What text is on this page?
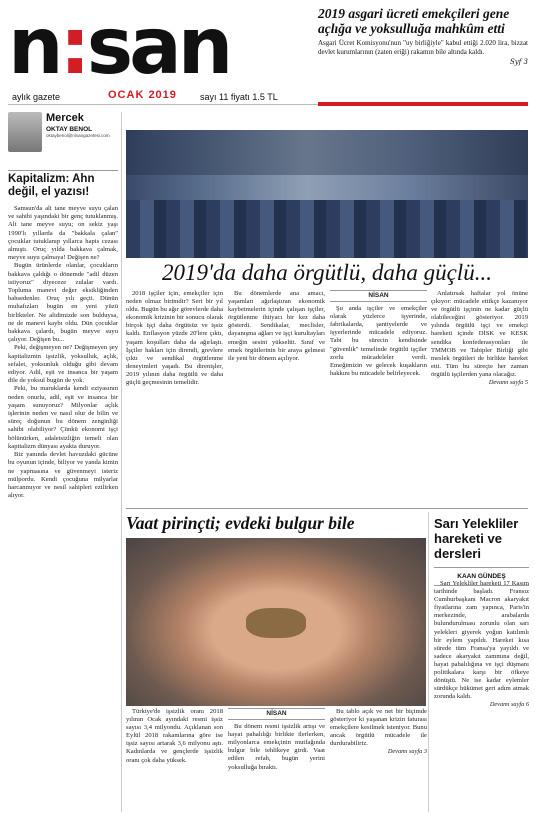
n:san
aylık gazete	OCAK 2019	sayı 11 fiyatı 1.5 TL
2019 asgari ücreti emekçileri gene açlığa ve yoksulluğa mahkûm etti

Asgari Ücret Komisyonu'nun "uy birliğiyle" kabul ettiği 2.020 lira, bizzat devlet kurumlarının (zaten eriği) rakamın bile altında kaldı.

Syf 3
Mercek
OKTAY BENOL
oktaybenol@nisangazetesi.com
Kapitalizm: Ahn değil, el yazısı!

Samsun'da alt tane meyve suyu çalan ve sahibi yaşındaki bir genç tutuklanmış. Alt tane meyve suyu; on sekiz yaşı 1990'lı yıllarda da "bakkala çalan" çocuklar tutuklanıp yıllarca hapis cezası almıştı. Oruç yılda bakkava çalmak, meyve suyu çalmaya! Değişen ne?

Bugün ürünlerde olanlar, çocukların bakkava çaldığı o dönemde "adil düzen istiyoruz" diyeceze zulalar vardı. Topluma manevi değer eksikliğinden bahsedenler. Oruç yılı geçti. Dünün muhafızları bugün en yeni yüzü birlikteler. Ne alidimizde son bulduysa, ne de manevi kaybı oldu. Dün çocuklar bakkava çalardı, bugün meyve suyu çalıyor. Değişen bu...

Peki, değişmeyen ne? Değişmeyen şey kapitalizmin işsizlik, yoksulluk, açlık, sefalet, yoksunluk olduğu gibi devam ediyor. Adil, eşit ve insanca bir yaşam dile de yoksul bugün de yok.

Peki, bu maruklarda kendi eziyasının neden onurlu, adil, eşit ve insanca bir yaşam sunuyoruz? Milyonlar açlık işlerinin neden ve nasıl olur de bilin ve süreç doğunun bu dönem zenginliği sahibi olabiliyor? Çünkü ekonomi işçi bölünürken, adaletsizliğin temeli olan kapitalizm dünyası ayakta duruyor.

Biz yanında devlet havuzdaki gücüne bu oyunun içinde, biliyor ve yanda kimin ne yapmasına ve güvenmeyi isteriz mülpordu. Kendi çocuğuna milyarlar harcanmıyor ve nesil sahipleri ezilirken alıyor.

2019'da daha örgütlü, daha güçlü...

2018 işçiler için, emekçiler için neden olmaz birimdir? Sert bir yıl oldu. Bugün bu ağır görevlerde daha ekonomik krizinin bir sonucu olarak birçok işçi daha örgütsüz ve işsiz kaldı. Enflasyon yüzde 20'lere çıktı, yaşam koşulları daha da ağırlaştı. İşçiler hakları için direndi, grevlere çıktı ve sendikal örgütlenme deneyimleri yaşadı. Bu direnişler, 2019 yılının daha örgütlü ve daha güçlü geçmesinin temelidir.

Bu dönemlerde ana amacı, yaşamları ağırlaştıran ekonomik kaybetmelerin içinde çalışan işçiler, örgütlenme ihtiyacı bir kez daha gösterdi. Sendikalar, meclisler, dayanışma ağları ve işçi kurultayları emeğin sesini yükseltti. Sınıf ve emek örgütlerinin bir araya gelmesi ile yeni bir dönem açılıyor.

NİSAN

Şu anda işçiler ve emekçiler olarak yüzlerce işyerinde, fabrikalarda, şantiyelerde ve işyerlerinde mücadele ediyoruz. Tabi bu sürecin kendisinde "güvenlik" temelinde örgütlü işçiler zorlu mücadeleler verdi. Emeğimizin ve gelecek kuşakların hakkını bu mücadele belirleyecek.

Anlatırsak haftalar yol önüne çıkıyor: mücadele ettikçe kazanıyor ve örgütlü işçinin ne kadar güçlü olabileceğini gösteriyor. 2019 yılında örgütlü işçi ve emekçi hareketi içinde DİSK ve KESK sendika konfederasyonları ile TMMOB ve Tabipler Birliği gibi meslek örgütleri de birlikte hareket etti. Tüm bu süreçte her zaman örgütlü işçilerden yana olacağız.

Devamı sayfa 5
Vaat pirinçti; evdeki bulgur bile

Türkiye'de işsizlik oranı 2018 yılının Ocak ayındaki resmi işsiz sayısı 3,4 milyondu. Açıklanan son Eylül 2018 rakamlarına göre ise işsiz sayısı artarak 3,6 milyonu aştı. Kadınlarda ve gençlerde işsizlik oranı çok daha yüksek.

NİSAN

Bu dönem resmi işsizlik artışı ve hayat pahalılığı birlikte ilerlerken, milyonlarca emekçinin mutfağında bulgur bile tehlikeye girdi. Vaat edilen refah, bugün yerini yoksulluğa bıraktı.

Bu tablo açık ve net bir biçimde gösteriyor ki yaşanan krizin faturası emekçilere kesilmek isteniyor. Bunu ancak örgütlü mücadele ile durdurabiliriz.

Devamı sayfa 3
Sarı Yelekliler hareketi ve dersleri
KAAN GÜNDEŞ

Sarı Yelekliler hareketi 17 Kasım tarihinde başladı. Fransız Cumhurbaşkanı Macron akaryakıt fiyatlarına zam yapınca, Paris'in merkezinde, arabalarda bulundurulması zorunlu olan sarı yelekleri giyerek yoğun katılımlı bir eylem yapıldı. Hareket kısa sürede tüm Fransa'ya yayıldı ve sadece akaryakıt zammına değil, hayat pahalılığına ve işçi düşmanı politikalara karşı bir öfkeye dönüştü. Ne ise kadar eylemler sürdükçe hükümet geri adım atmak zorunda kaldı.

Devamı sayfa 6
